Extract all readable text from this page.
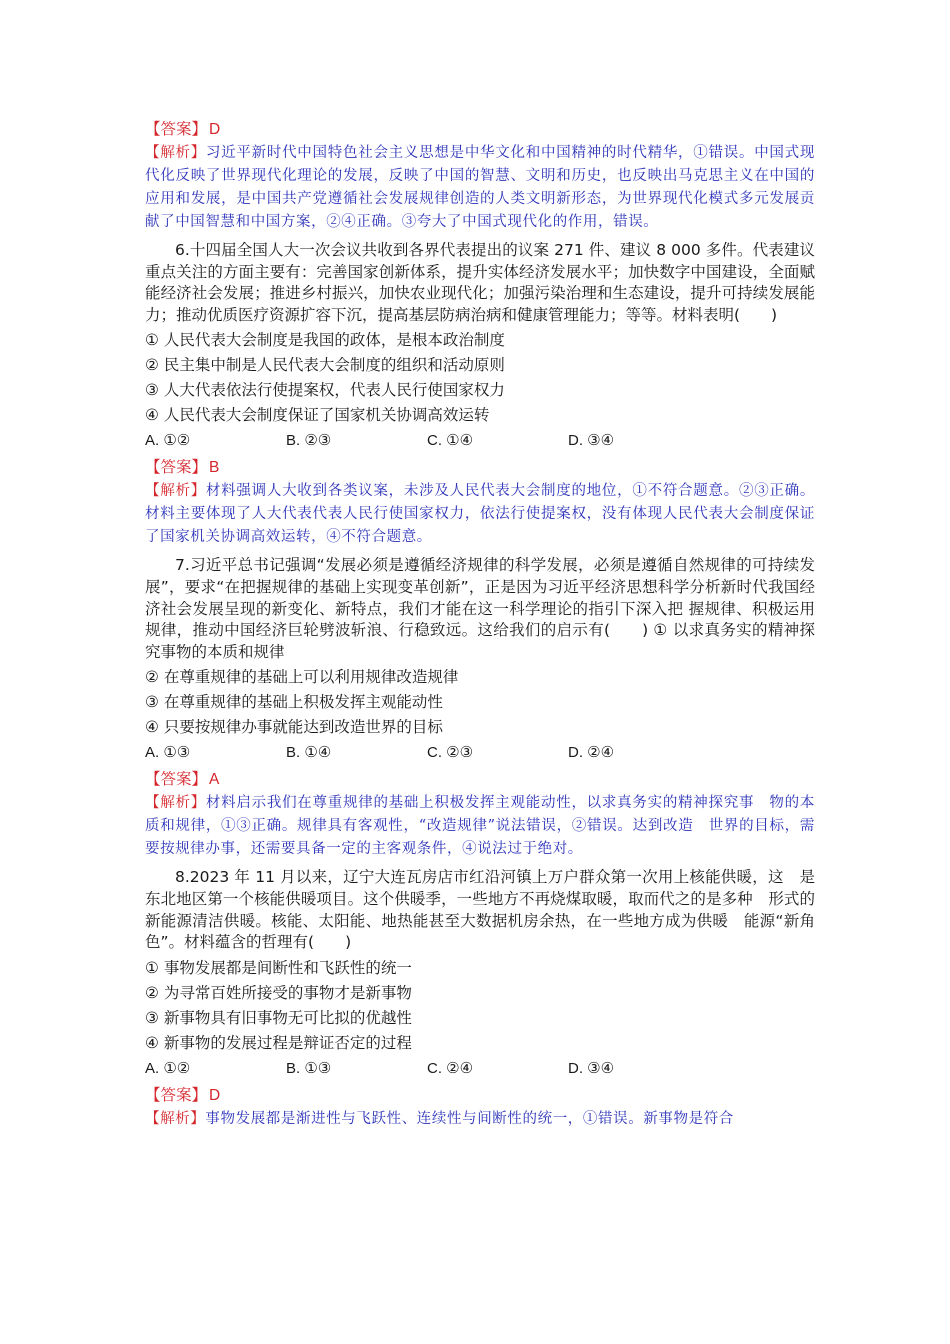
【答案】 D
【解析】习近平新时代中国特色社会主义思想是中华文化和中国精神的时代精华，①错误。中国式现代化反映了世界现代化理论的发展，反映了中国的智慧、文明和历史，也反映出马克思主义在中国的应用和发展，是中国共产党遵循社会发展规律创造的人类文明新形态，为世界现代化模式多元发展贡献了中国智慧和中国方案，②④正确。③夸大了中国式现代化的作用，错误。
6.十四届全国人大一次会议共收到各界代表提出的议案 271 件、建议 8 000 多件。代表建议重点关注的方面主要有：完善国家创新体系，提升实体经济发展水平；加快数字中国建设，全面赋能经济社会发展；推进乡村振兴，加快农业现代化；加强污染治理和生态建设，提升可持续发展能力；推动优质医疗资源扩容下沉，提高基层防病治病和健康管理能力；等等。材料表明(　　)
① 人民代表大会制度是我国的政体，是根本政治制度
② 民主集中制是人民代表大会制度的组织和活动原则
③ 人大代表依法行使提案权，代表人民行使国家权力
④ 人民代表大会制度保证了国家机关协调高效运转
A. ①②	B. ②③	C. ①④	D. ③④
【答案】 B
【解析】材料强调人大收到各类议案，未涉及人民代表大会制度的地位，①不符合题意。②③正确。材料主要体现了人大代表代表人民行使国家权力，依法行使提案权，没有体现人民代表大会制度保证了国家机关协调高效运转，④不符合题意。
7.习近平总书记强调“发展必须是遵循经济规律的科学发展，必须是遵循自然规律的可持续发展”，要求“在把握规律的基础上实现变革创新”，正是因为习近平经济思想科学分析新时代我国经济社会发展呈现的新变化、新特点，我们才能在这一科学理论的指引下深入把 握规律、积极运用规律，推动中国经济巨轮劈波斩浪、行稳致远。这给我们的启示有(　　) ① 以求真务实的精神探究事物的本质和规律
② 在尊重规律的基础上可以利用规律改造规律
③ 在尊重规律的基础上积极发挥主观能动性
④ 只要按规律办事就能达到改造世界的目标
A. ①③	B. ①④	C. ②③	D. ②④
【答案】 A
【解析】材料启示我们在尊重规律的基础上积极发挥主观能动性，以求真务实的精神探究事　物的本质和规律，①③正确。规律具有客观性，“改造规律”说法错误，②错误。达到改造　世界的目标，需要按规律办事，还需要具备一定的主客观条件，④说法过于绝对。
8.2023 年 11 月以来，辽宁大连瓦房店市红沿河镇上万户群众第一次用上核能供暖，这　是东北地区第一个核能供暖项目。这个供暖季，一些地方不再烧煤取暖，取而代之的是多种　形式的新能源清洁供暖。核能、太阳能、地热能甚至大数据机房余热，在一些地方成为供暖　能源“新角色”。材料蕴含的哲理有(　　)
① 事物发展都是间断性和飞跃性的统一
② 为寻常百姓所接受的事物才是新事物
③ 新事物具有旧事物无可比拟的优越性
④ 新事物的发展过程是辩证否定的过程
A. ①②	B. ①③	C. ②④	D. ③④
【答案】 D
【解析】事物发展都是渐进性与飞跃性、连续性与间断性的统一，①错误。新事物是符合
